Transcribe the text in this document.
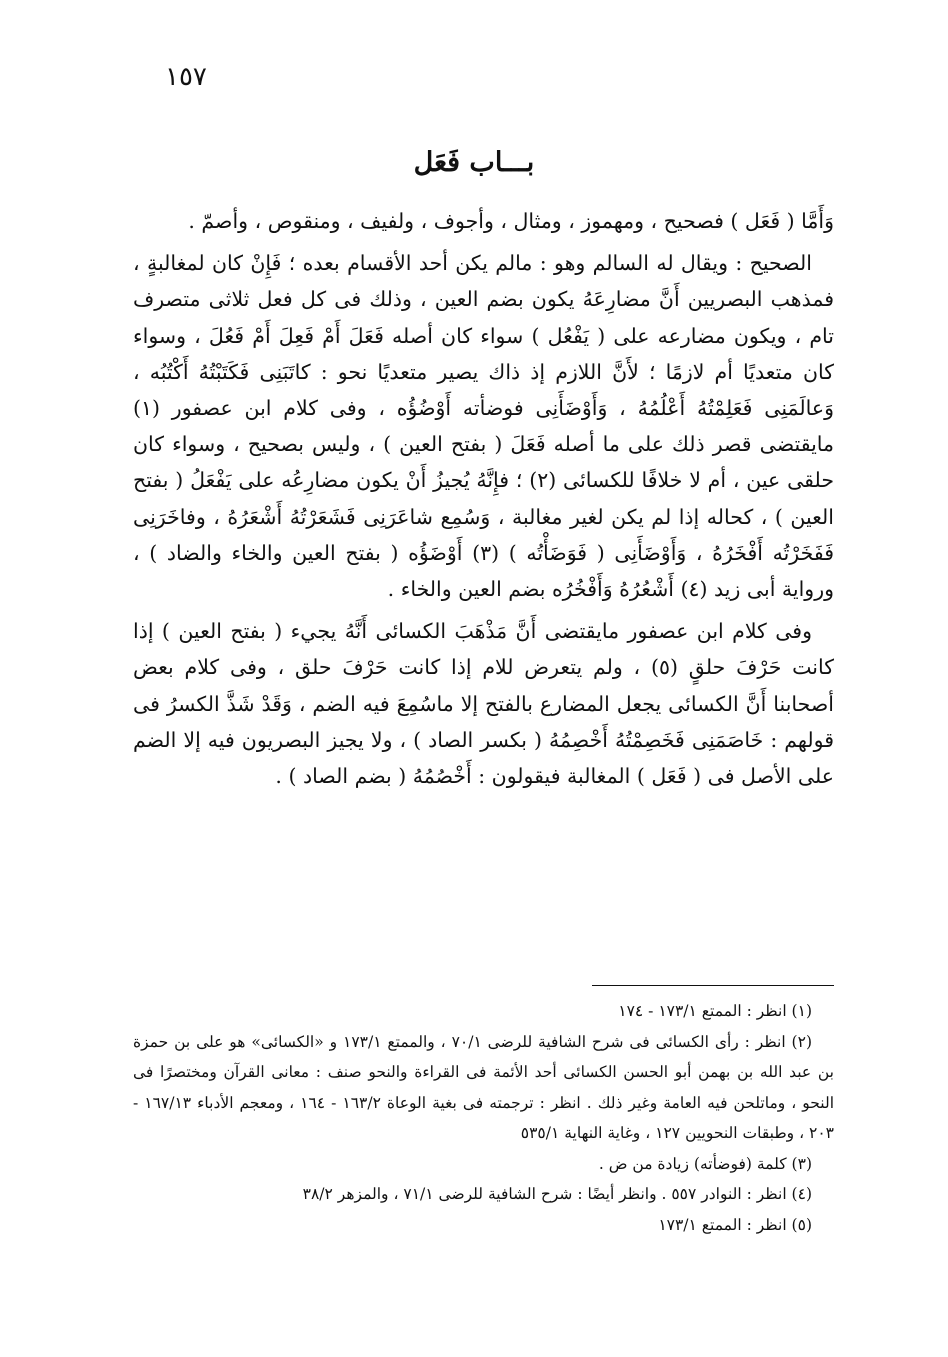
١٥٧
بـــاب فَعَل

وَأَمَّا ( فَعَل ) فصحيح ، ومهموز ، ومثال ، وأجوف ، ولفيف ، ومنقوص ، وأصمّ .

الصحيح : ويقال له السالم وهو : مالم يكن أحد الأقسام بعده ؛ فَإِنْ كان لمغالبةٍ ، فمذهب البصريين أَنَّ مضارِعَهُ يكون بضم العين ، وذلك فى كل فعل ثلاثى متصرف تام ، ويكون مضارعه على ( يَفْعُل ) سواء كان أصله فَعَلَ أَمْ فَعِلَ أَمْ فَعُلَ ، وسواء كان متعديًا أم لازمًا ؛ لأَنَّ اللازم إذ ذاك يصير متعديًا نحو : كاتَبَنِى فَكَتَبْتُهُ أَكْتُبُه ، وَعالَمَنِى فَعَلِمْتُهُ أَعْلُمُهُ ، وَأَوْضَأَنِى فوضأته أَوْضُؤُه ، وفى كلام ابن عصفور (١) مايقتضى قصر ذلك على ما أصله فَعَلَ ( بفتح العين ) ، وليس بصحيح ، وسواء كان حلقى عين ، أم لا خلافًا للكسائى (٢) ؛ فإِنَّهُ يُجيزُ أَنْ يكون مضارِعُه على يَفْعَلُ ( بفتح العين ) ، كحاله إذا لم يكن لغير مغالبة ، وَسُمِع شاعَرَنِى فَشَعَرْتُهُ أَشْعَرُهُ ، وفاخَرَنِى فَفَخَرْتُه أَفْخَرُهُ ، وَأَوْضَأَنِى ( فَوَضَأْتُه ) (٣) أَوْضَؤُه ( بفتح العين والخاء والضاد ) ، ورواية أبى زيد (٤) أَشْعُرُهُ وَأَفْخُرُه بضم العين والخاء .

وفى كلام ابن عصفور مايقتضى أَنَّ مَذْهَبَ الكسائى أَنَّهُ يجيء ( بفتح العين ) إذا كانت حَرْفَ حلقٍ (٥) ، ولم يتعرض للام إذا كانت حَرْفَ حلق ، وفى كلام بعض أصحابنا أَنَّ الكسائى يجعل المضارع بالفتح إلا ماسُمِعَ فيه الضم ، وَقَدْ شَذَّ الكسرُ فى قولهم : خَاصَمَنِى فَخَصِمْتُهُ أَخْصِمُهُ ( بكسر الصاد ) ، ولا يجيز البصريون فيه إلا الضم على الأصل فى ( فَعَل ) المغالبة فيقولون : أَخْصُمُهُ ( بضم الصاد ) .

(١) انظر : الممتع ١٧٣/١ - ١٧٤

(٢) انظر : رأى الكسائى فى شرح الشافية للرضى ٧٠/١ ، والممتع ١٧٣/١ و «الكسائى» هو على بن حمزة بن عبد الله بن بهمن أبو الحسن الكسائى أحد الأئمة فى القراءة والنحو صنف : معانى القرآن ومختصرًا فى النحو ، وماتلحن فيه العامة وغير ذلك . انظر : ترجمته فى بغية الوعاة ١٦٣/٢ - ١٦٤ ، ومعجم الأدباء ١٦٧/١٣ - ٢٠٣ ، وطبقات النحويين ١٢٧ ، وغاية النهاية ٥٣٥/١

(٣) كلمة (فوضأته) زيادة من ض .

(٤) انظر : النوادر ٥٥٧ . وانظر أيضًا : شرح الشافية للرضى ٧١/١ ، والمزهر ٣٨/٢

(٥) انظر : الممتع ١٧٣/١
